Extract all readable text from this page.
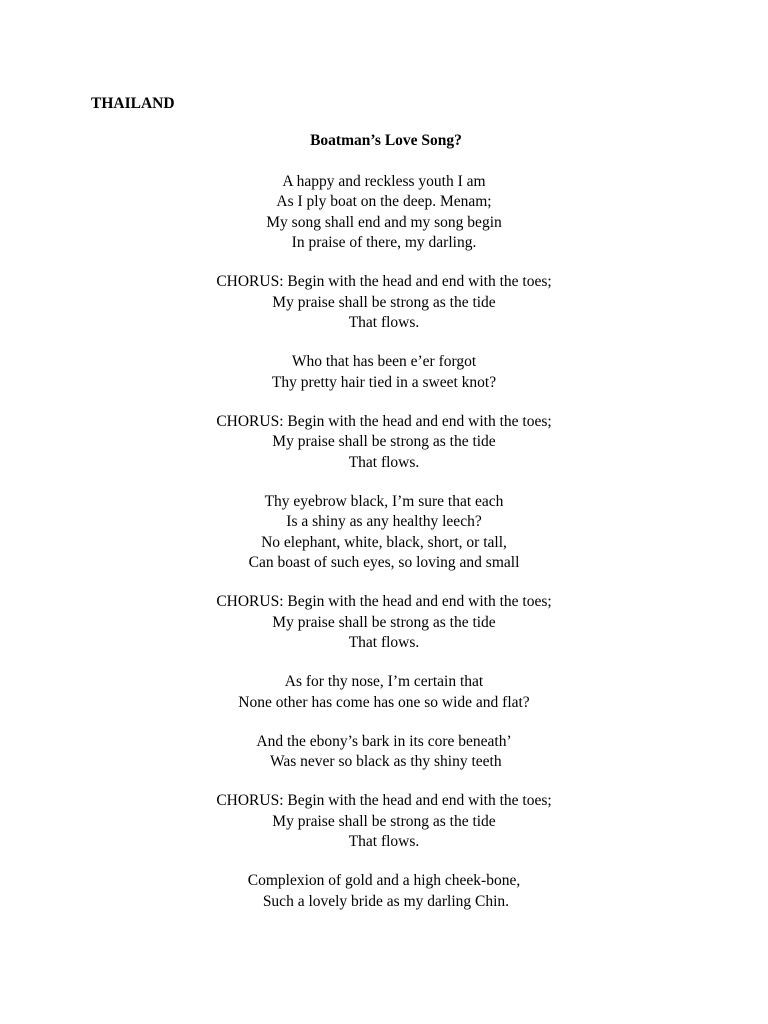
THAILAND
Boatman’s Love Song?
A happy and reckless youth I am
As I ply boat on the deep. Menam;
My song shall end and my song begin
In praise of there, my darling.
CHORUS: Begin with the head and end with the toes;
My praise shall be strong as the tide
That flows.
Who that has been e’er forgot
Thy pretty hair tied in a sweet knot?
CHORUS: Begin with the head and end with the toes;
My praise shall be strong as the tide
That flows.
Thy eyebrow black, I’m sure that each
Is a shiny as any healthy leech?
No elephant, white, black, short, or tall,
Can boast of such eyes, so loving and small
CHORUS: Begin with the head and end with the toes;
My praise shall be strong as the tide
That flows.
As for thy nose, I’m certain that
None other has come has one so wide and flat?
And the ebony’s bark in its core beneath’
Was never so black as thy shiny teeth
CHORUS: Begin with the head and end with the toes;
My praise shall be strong as the tide
That flows.
Complexion of gold and a high cheek-bone,
Such a lovely bride as my darling Chin.
